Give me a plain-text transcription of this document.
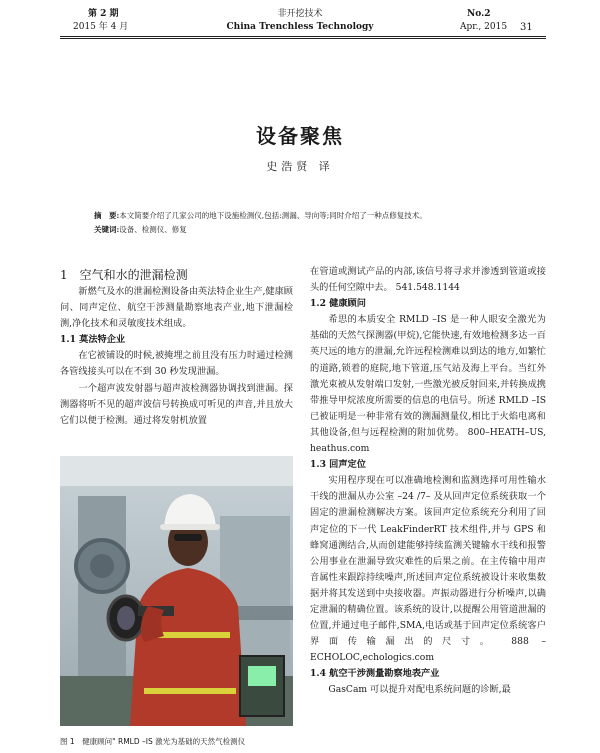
第 2 期
2015 年 4 月
非开挖技术
China Trenchless Technology
No.2
Apr., 2015 31
设备聚焦
史浩贤 译
摘　要:本文简要介绍了几家公司的地下设施检测仪,包括:测漏、导向等;同时介绍了一种点修复技术。
关键词:设备、检测仪、修复

1　空气和水的泄漏检测

新燃气及水的泄漏检测设备由英法特企业生产,健康顾问、同声定位、航空干涉测量勘察地表产业,地下泄漏检测,净化技术和灵敏度技术组成。

1.1 莫法特企业

在它被铺设的时候,被掩埋之前且没有压力时通过检测各管线接头可以在不到 30 秒发现泄漏。

一个超声波发射器与超声波检测器协调找到泄漏。探测器将听不见的超声波信号转换成可听见的声音,并且放大它们以便于检测。通过将发射机放置

图 1　健康顾问" RMLD –IS 激光为基础的天然气检测仪

在管道或测试产品的内部,该信号将寻求并渗透到管道或接头的任何空隙中去。 541.548.1144

1.2 健康顾问

希思的本质安全 RMLD –IS 是一种人眼安全激光为基础的天然气探测器(甲烷),它能快速,有效地检测多达一百英尺远的地方的泄漏,允许远程检测难以到达的地方,如繁忙的道路,锁着的庭院,地下管道,压气站及海上平台。当红外激光束被从发射端口发射,一些激光被反射回来,并转换成携带推导甲烷浓度所需要的信息的电信号。所述 RMLD –IS 已被证明是一种非常有效的测漏测量仪,相比于火焰电离和其他设备,但与远程检测的附加优势。 800–HEATH–US, heathus.com

1.3 回声定位

实用程序现在可以准确地检测和监测选择可用性输水干线的泄漏从办公室 –24 /7– 及从回声定位系统获取一个固定的泄漏检测解决方案。该回声定位系统充分利用了回声定位的下一代 LeakFinderRT 技术组件,并与 GPS 和蜂窝通测结合,从而创建能够持续监测关键输水干线和报警公用事业在泄漏导致灾难性的后果之前。在主传输中用声音属性来跟踪持续噪声,所述回声定位系统被设计来收集数据并将其发送到中央接收器。声振动器进行分析噪声,以确定泄漏的精确位置。该系统的设计,以提醒公用管道泄漏的位置,并通过电子邮件,SMA,电话或基于回声定位系统客户界面传输漏出的尺寸。 888 – ECHOLOC,echologics.com

1.4 航空干涉测量勘察地表产业

GasCam 可以提升对配电系统问题的诊断,最
